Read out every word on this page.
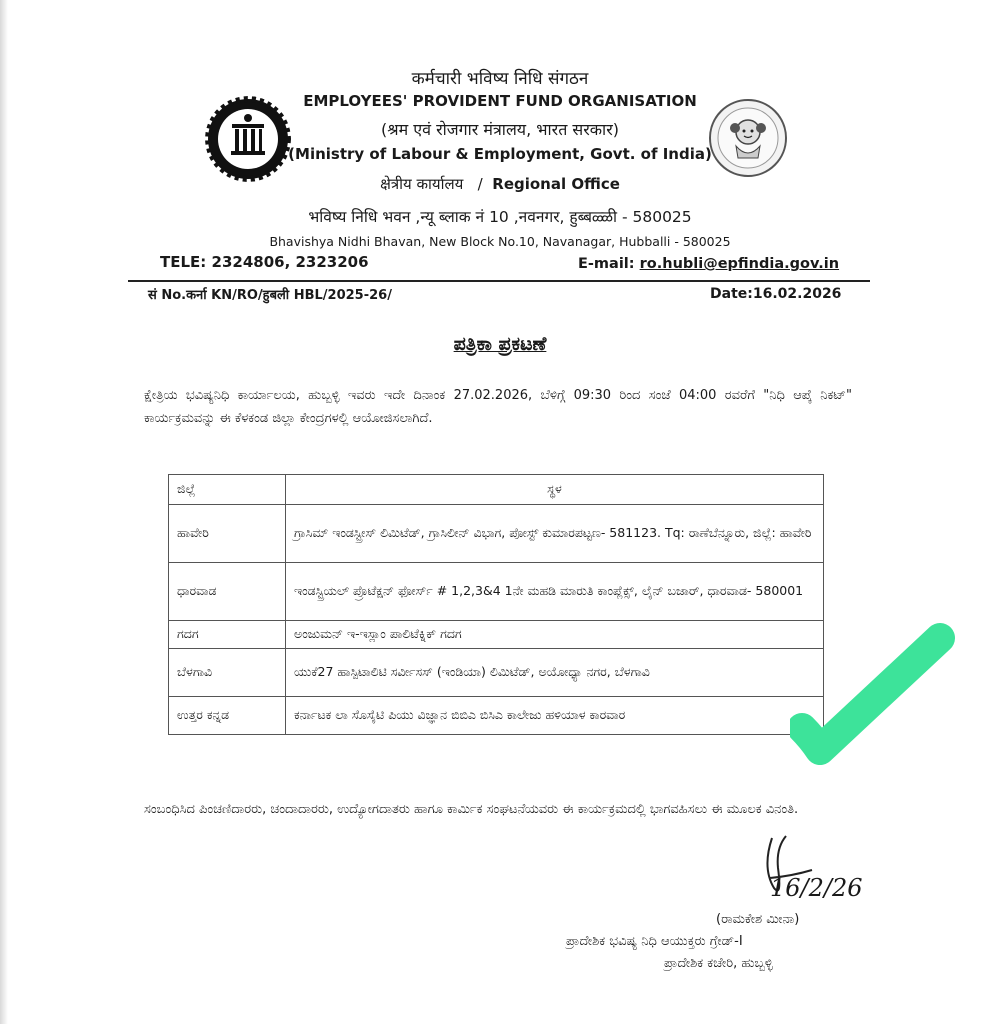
कर्मचारी भविष्य निधि संगठन
EMPLOYEES' PROVIDENT FUND ORGANISATION
(श्रम एवं रोजगार मंत्रालय, भारत सरकार)
(Ministry of Labour & Employment, Govt. of India)
क्षेत्रीय कार्यालय / Regional Office
भविष्य निधि भवन ,न्यू ब्लाक नं 10 ,नवनगर, हुब्बळ्ळी - 580025
Bhavishya Nidhi Bhavan, New Block No.10, Navanagar, Hubballi - 580025
TELE: 2324806, 2323206	E-mail: ro.hubli@epfindia.gov.in
सं No.कर्ना KN/RO/हुबली HBL/2025-26/	Date:16.02.2026
ಪತ್ರಿಕಾ ಪ್ರಕಟಣೆ
ಕ್ಷೇತ್ರಿಯ ಭವಿಷ್ಯನಿಧಿ ಕಾರ್ಯಾಲಯ, ಹುಬ್ಬಳ್ಳಿ ಇವರು ಇದೇ ದಿನಾಂಕ 27.02.2026, ಬೆಳಿಗ್ಗೆ 09:30 ರಿಂದ ಸಂಜೆ 04:00 ರವರೆಗೆ "ನಿಧಿ ಆಪ್ಕೆ ನಿಕಟ್" ಕಾರ್ಯಕ್ರಮವನ್ನು ಈ ಕೆಳಕಂಡ ಜಿಲ್ಲಾ ಕೇಂದ್ರಗಳಲ್ಲಿ ಆಯೋಜಿಸಲಾಗಿದೆ.
ಜಿಲ್ಲೆ	ಸ್ಥಳ
ಹಾವೇರಿ	ಗ್ರಾಸಿಮ್ ಇಂಡಸ್ಟ್ರೀಸ್ ಲಿಮಿಟೆಡ್, ಗ್ರಾಸಿಲೀನ್ ವಿಭಾಗ, ಪೋಸ್ಟ್ ಕುಮಾರಪಟ್ಟಣ- 581123. Tq: ರಾಣೆಬೆನ್ನೂರು, ಜಿಲ್ಲೆ: ಹಾವೇರಿ
ಧಾರವಾಡ	ಇಂಡಸ್ಟ್ರಿಯಲ್ ಪ್ರೊಟೆಕ್ಷನ್ ಫೋರ್ಸ್ # 1,2,3&4 1ನೇ ಮಹಡಿ ಮಾರುತಿ ಕಾಂಪ್ಲೆಕ್ಸ್, ಲೈನ್ ಬಜಾರ್, ಧಾರವಾಡ- 580001
ಗದಗ	ಅಂಜುಮನ್ ಇ-ಇಸ್ಲಾಂ ಪಾಲಿಟೆಕ್ನಿಕ್ ಗದಗ
ಬೆಳಗಾವಿ	ಯುಕೆ27 ಹಾಸ್ಪಿಟಾಲಿಟಿ ಸರ್ವೀಸಸ್ (ಇಂಡಿಯಾ) ಲಿಮಿಟೆಡ್, ಅಯೋಧ್ಯಾ ನಗರ, ಬೆಳಗಾವಿ
ಉತ್ತರ ಕನ್ನಡ	ಕರ್ನಾಟಕ ಲಾ ಸೊಸೈಟಿ ಪಿಯು ವಿಜ್ಞಾನ ಬಿಬಿಎ ಬಿಸಿಎ ಕಾಲೇಜು ಹಳಿಯಾಳ ಕಾರವಾರ
ಸಂಬಂಧಿಸಿದ ಪಿಂಚಣಿದಾರರು, ಚಂದಾದಾರರು, ಉದ್ಯೋಗದಾತರು ಹಾಗೂ ಕಾರ್ಮಿಕ ಸಂಘಟನೆಯವರು ಈ ಕಾರ್ಯಕ್ರಮದಲ್ಲಿ ಭಾಗವಹಿಸಲು ಈ ಮೂಲಕ ವಿನಂತಿ.
16/2/26
(ರಾಮಕೇಶ ಮೀನಾ)
ಪ್ರಾದೇಶಿಕ ಭವಿಷ್ಯ ನಿಧಿ ಆಯುಕ್ತರು ಗ್ರೇಡ್-I
ಪ್ರಾದೇಶಿಕ ಕಚೇರಿ, ಹುಬ್ಬಳ್ಳಿ
